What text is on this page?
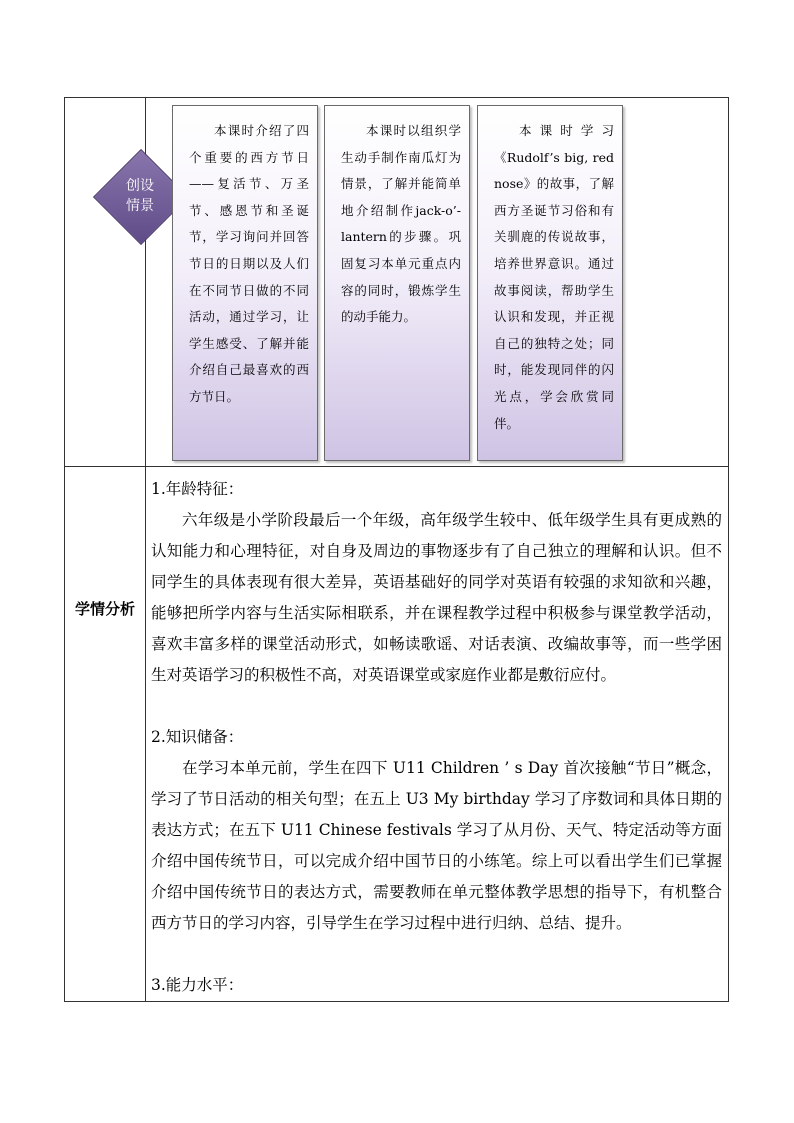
创设
情景

本课时介绍了四个重要的西方节日——复活节、万圣节、感恩节和圣诞节，学习询问并回答节日的日期以及人们在不同节日做的不同活动，通过学习，让学生感受、了解并能介绍自己最喜欢的西方节日。

本课时以组织学生动手制作南瓜灯为情景，了解并能简单地介绍制作jack-o’-lantern的步骤。巩固复习本单元重点内容的同时，锻炼学生的动手能力。

本课时学习《Rudolf’s big, red nose》的故事，了解西方圣诞节习俗和有关驯鹿的传说故事，培养世界意识。通过故事阅读，帮助学生认识和发现，并正视自己的独特之处；同时，能发现同伴的闪光点，学会欣赏同伴。

学情分析

1.年龄特征：

六年级是小学阶段最后一个年级，高年级学生较中、低年级学生具有更成熟的认知能力和心理特征，对自身及周边的事物逐步有了自己独立的理解和认识。但不同学生的具体表现有很大差异，英语基础好的同学对英语有较强的求知欲和兴趣，能够把所学内容与生活实际相联系，并在课程教学过程中积极参与课堂教学活动，喜欢丰富多样的课堂活动形式，如畅读歌谣、对话表演、改编故事等，而一些学困生对英语学习的积极性不高，对英语课堂或家庭作业都是敷衍应付。

2.知识储备：

在学习本单元前，学生在四下 U11 Children ’ s Day 首次接触“节日”概念，学习了节日活动的相关句型；在五上 U3 My birthday 学习了序数词和具体日期的表达方式；在五下 U11 Chinese festivals 学习了从月份、天气、特定活动等方面介绍中国传统节日，可以完成介绍中国节日的小练笔。综上可以看出学生们已掌握介绍中国传统节日的表达方式，需要教师在单元整体教学思想的指导下，有机整合西方节日的学习内容，引导学生在学习过程中进行归纳、总结、提升。

3.能力水平：
